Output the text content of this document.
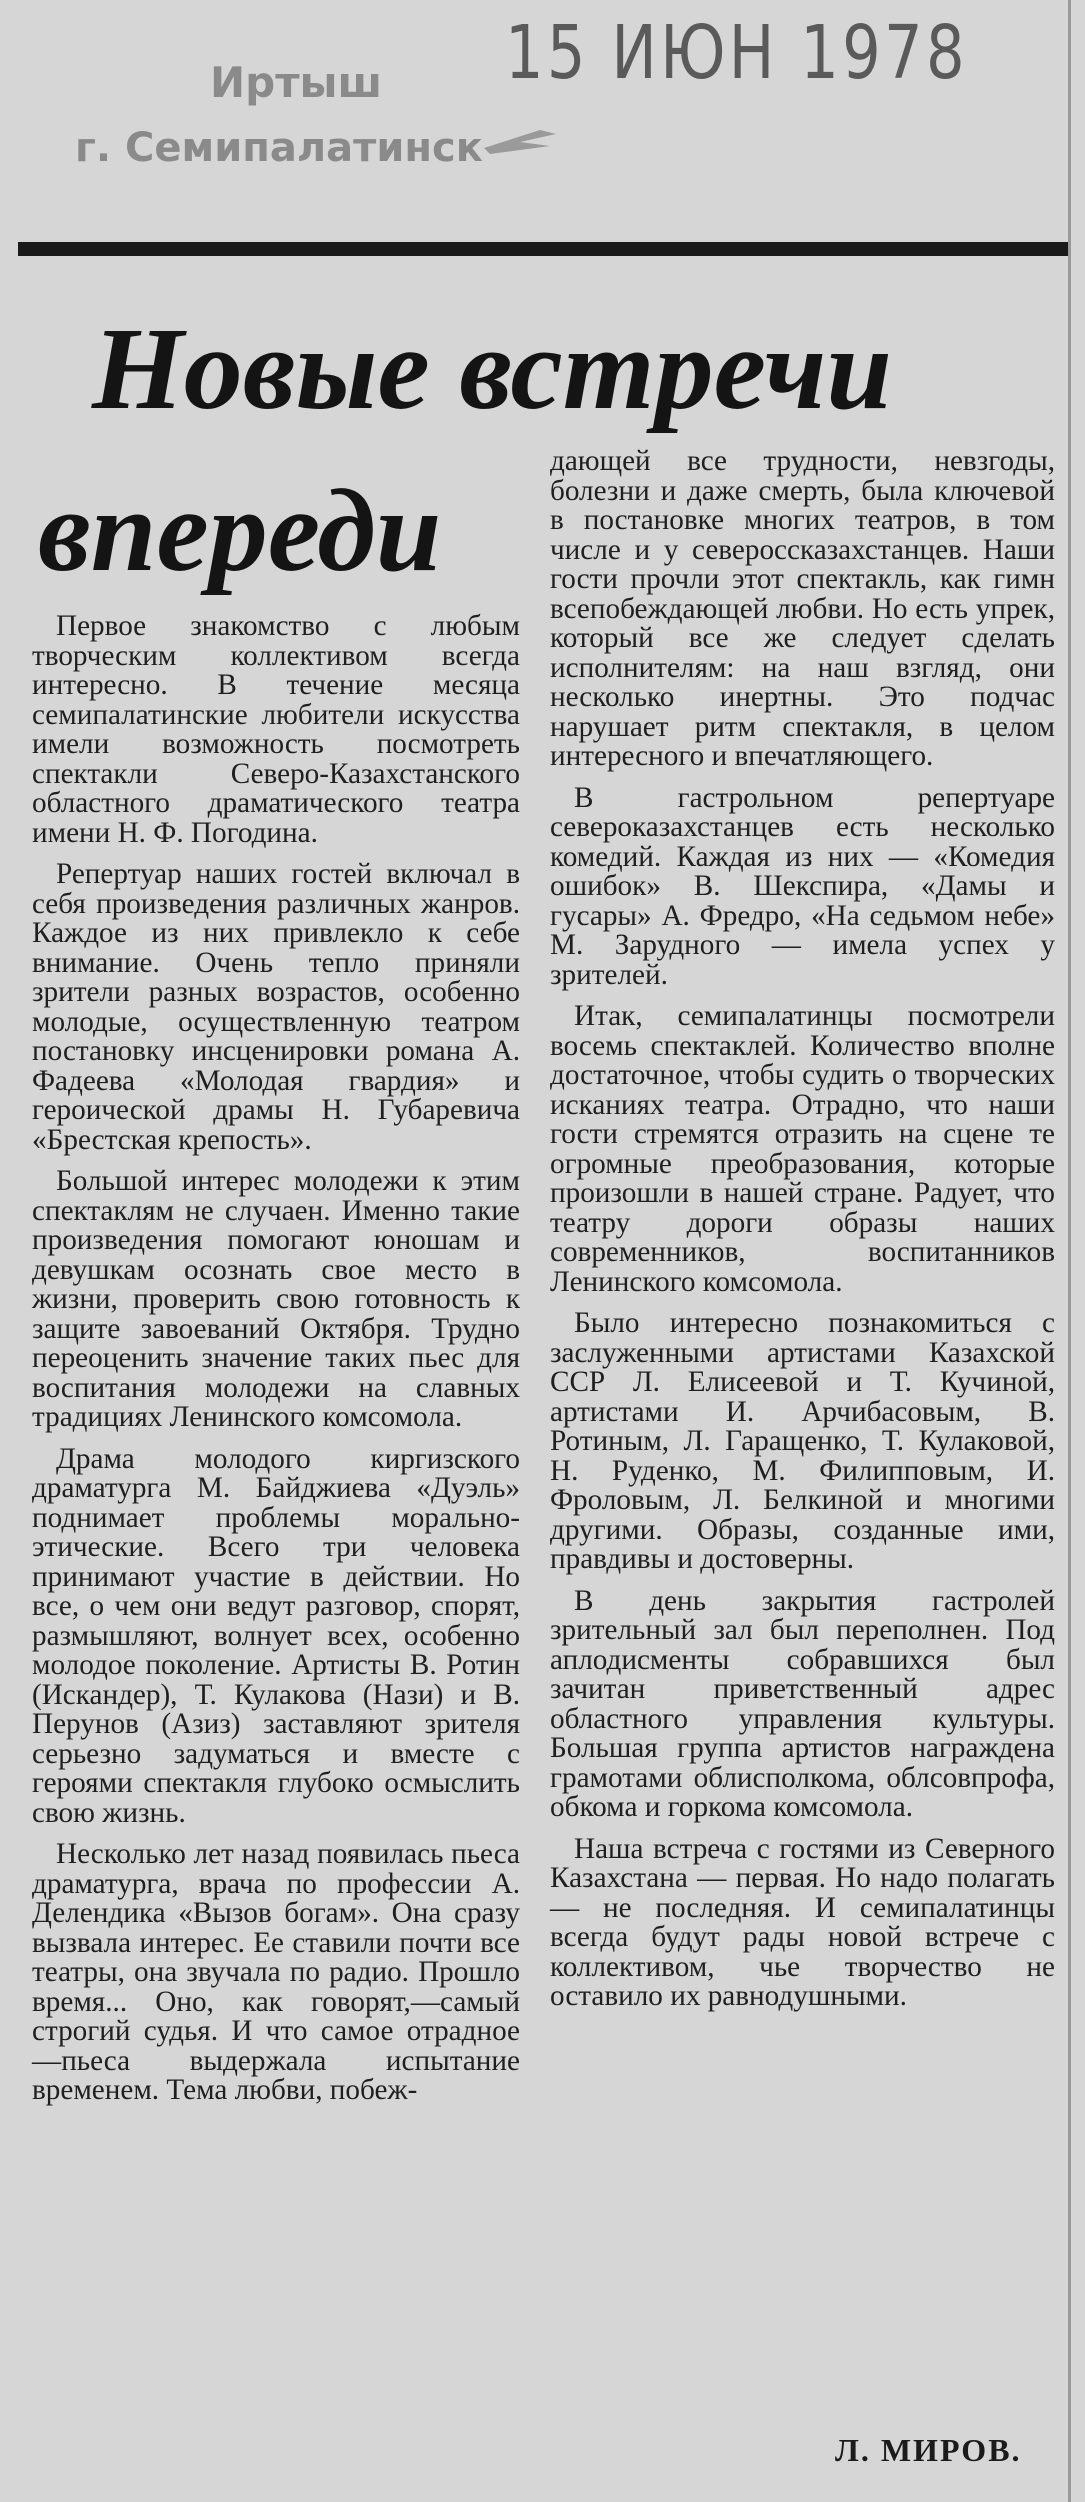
15 ИЮН 1978
Иртыш
г. Семипалатинск
Новые встречи
впереди

Первое знакомство с любым творческим коллективом всегда интересно. В течение месяца семипалатинские любители искусства имели возможность посмотреть спектакли Северо-Казахстанского областного драматического театра имени Н. Ф. Погодина.

Репертуар наших гостей включал в себя произведения различных жанров. Каждое из них привлекло к себе внимание. Очень тепло приняли зрители разных возрастов, особенно молодые, осуществленную театром постановку инсценировки романа А. Фадеева «Молодая гвардия» и героической драмы Н. Губаревича «Брестская крепость».

Большой интерес молодежи к этим спектаклям не случаен. Именно такие произведения помогают юношам и девушкам осознать свое место в жизни, проверить свою готовность к защите завоеваний Октября. Трудно переоценить значение таких пьес для воспитания молодежи на славных традициях Ленинского комсомола.

Драма молодого киргизского драматурга М. Байджиева «Дуэль» поднимает проблемы морально-этические. Всего три человека принимают участие в действии. Но все, о чем они ведут разговор, спорят, размышляют, волнует всех, особенно молодое поколение. Артисты В. Ротин (Искандер), Т. Кулакова (Нази) и В. Перунов (Азиз) заставляют зрителя серьезно задуматься и вместе с героями спектакля глубоко осмыслить свою жизнь.

Несколько лет назад появилась пьеса драматурга, врача по профессии А. Делендика «Вызов богам». Она сразу вызвала интерес. Ее ставили почти все театры, она звучала по радио. Прошло время... Оно, как говорят,—самый строгий судья. И что самое отрадное —пьеса выдержала испытание временем. Тема любви, побеж-

дающей все трудности, невзгоды, болезни и даже смерть, была ключевой в постановке многих театров, в том числе и у северoccказахстанцев. Наши гости прочли этот спектакль, как гимн всепобеждающей любви. Но есть упрек, который все же следует сделать исполнителям: на наш взгляд, они несколько инертны. Это подчас нарушает ритм спектакля, в целом интересного и впечатляющего.

В гастрольном репертуаре североказахстанцев есть несколько комедий. Каждая из них — «Комедия ошибок» В. Шекспира, «Дамы и гусары» А. Фредро, «На седьмом небе» М. Зарудного — имела успех у зрителей.

Итак, семипалатинцы посмотрели восемь спектаклей. Количество вполне достаточное, чтобы судить о творческих исканиях театра. Отрадно, что наши гости стремятся отразить на сцене те огромные преобразования, которые произошли в нашей стране. Радует, что театру дороги образы наших современников, воспитанников Ленинского комсомола.

Было интересно познакомиться с заслуженными артистами Казахской ССР Л. Елисеевой и Т. Кучиной, артистами И. Арчибасовым, В. Ротиным, Л. Гаращенко, Т. Кулаковой, Н. Руденко, М. Филипповым, И. Фроловым, Л. Белкиной и многими другими. Образы, созданные ими, правдивы и достоверны.

В день закрытия гастролей зрительный зал был переполнен. Под аплодисменты собравшихся был зачитан приветственный адрес областного управления культуры. Большая группа артистов награждена грамотами облисполкома, облсовпрофа, обкома и горкома комсомола.

Наша встреча с гостями из Северного Казахстана — первая. Но надо полагать — не последняя. И семипалатинцы всегда будут рады новой встрече с коллективом, чье творчество не оставило их равнодушными.

Л. МИРОВ.
